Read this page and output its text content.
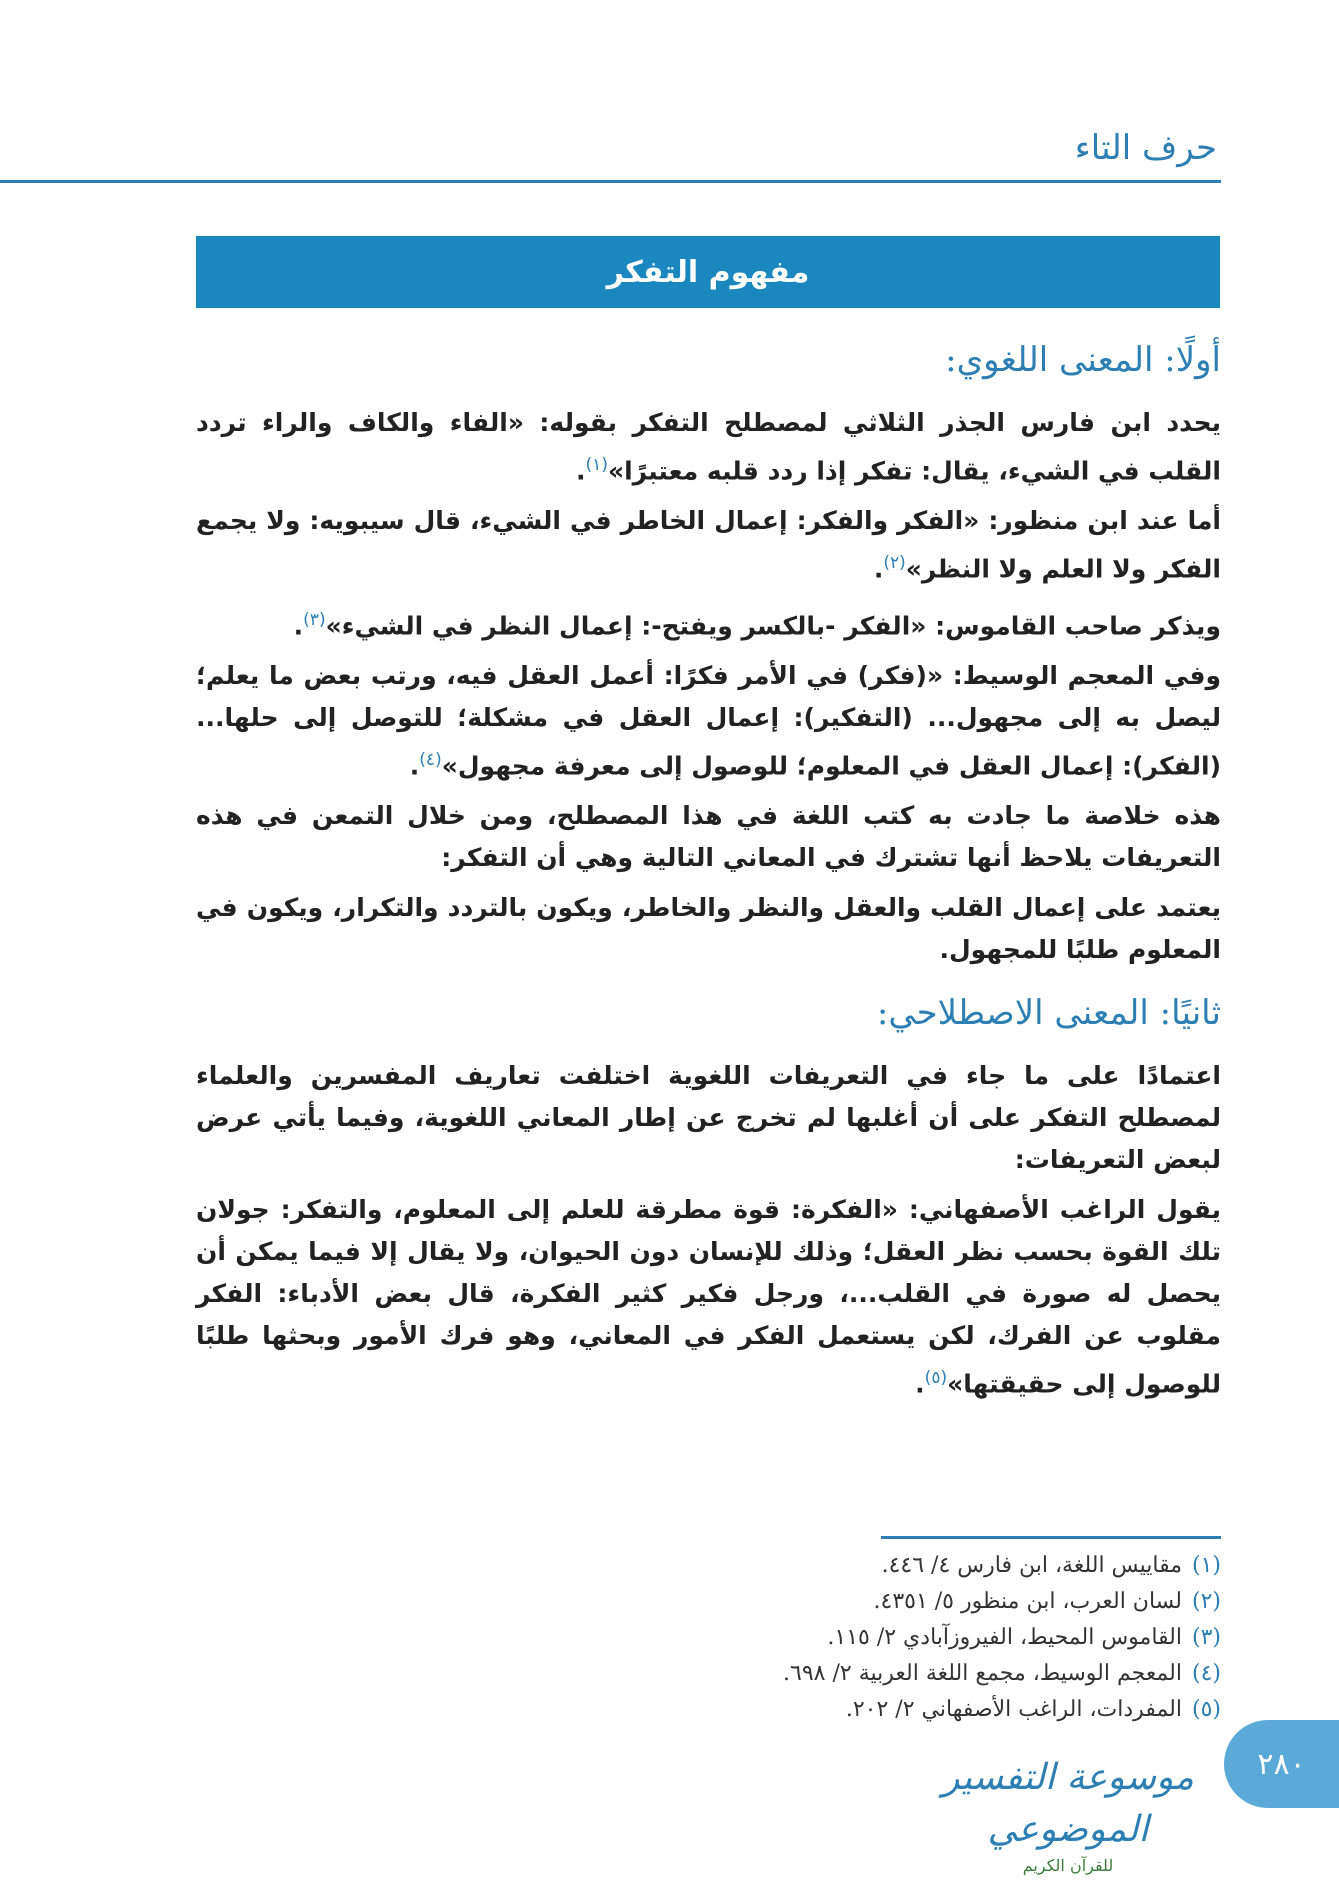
حرف التاء
مفهوم التفكر
أولًا: المعنى اللغوي:

يحدد ابن فارس الجذر الثلاثي لمصطلح التفكر بقوله: «الفاء والكاف والراء تردد القلب في الشيء، يقال: تفكر إذا ردد قلبه معتبرًا»$^{(١)}$.

أما عند ابن منظور: «الفكر والفكر: إعمال الخاطر في الشيء، قال سيبويه: ولا يجمع الفكر ولا العلم ولا النظر»$^{(٢)}$.

ويذكر صاحب القاموس: «الفكر -بالكسر ويفتح-: إعمال النظر في الشيء»$^{(٣)}$.

وفي المعجم الوسيط: «(فكر) في الأمر فكرًا: أعمل العقل فيه، ورتب بعض ما يعلم؛ ليصل به إلى مجهول... (التفكير): إعمال العقل في مشكلة؛ للتوصل إلى حلها... (الفكر): إعمال العقل في المعلوم؛ للوصول إلى معرفة مجهول»$^{(٤)}$.

هذه خلاصة ما جادت به كتب اللغة في هذا المصطلح، ومن خلال التمعن في هذه التعريفات يلاحظ أنها تشترك في المعاني التالية وهي أن التفكر:

يعتمد على إعمال القلب والعقل والنظر والخاطر، ويكون بالتردد والتكرار، ويكون في المعلوم طلبًا للمجهول.

ثانيًا: المعنى الاصطلاحي:

اعتمادًا على ما جاء في التعريفات اللغوية اختلفت تعاريف المفسرين والعلماء لمصطلح التفكر على أن أغلبها لم تخرج عن إطار المعاني اللغوية، وفيما يأتي عرض لبعض التعريفات:

يقول الراغب الأصفهاني: «الفكرة: قوة مطرقة للعلم إلى المعلوم، والتفكر: جولان تلك القوة بحسب نظر العقل؛ وذلك للإنسان دون الحيوان، ولا يقال إلا فيما يمكن أن يحصل له صورة في القلب...، ورجل فكير كثير الفكرة، قال بعض الأدباء: الفكر مقلوب عن الفرك، لكن يستعمل الفكر في المعاني، وهو فرك الأمور وبحثها طلبًا للوصول إلى حقيقتها»$^{(٥)}$.

(١)مقاييس اللغة، ابن فارس ٤/ ٤٤٦.
(٢)لسان العرب، ابن منظور ٥/ ٤٣٥١.
(٣)القاموس المحيط، الفيروزآبادي ٢/ ١١٥.
(٤)المعجم الوسيط، مجمع اللغة العربية ٢/ ٦٩٨.
(٥)المفردات، الراغب الأصفهاني ٢/ ٢٠٢.
موسوعة التفسير الموضوعي
للقرآن الكريم
٢٨٠
